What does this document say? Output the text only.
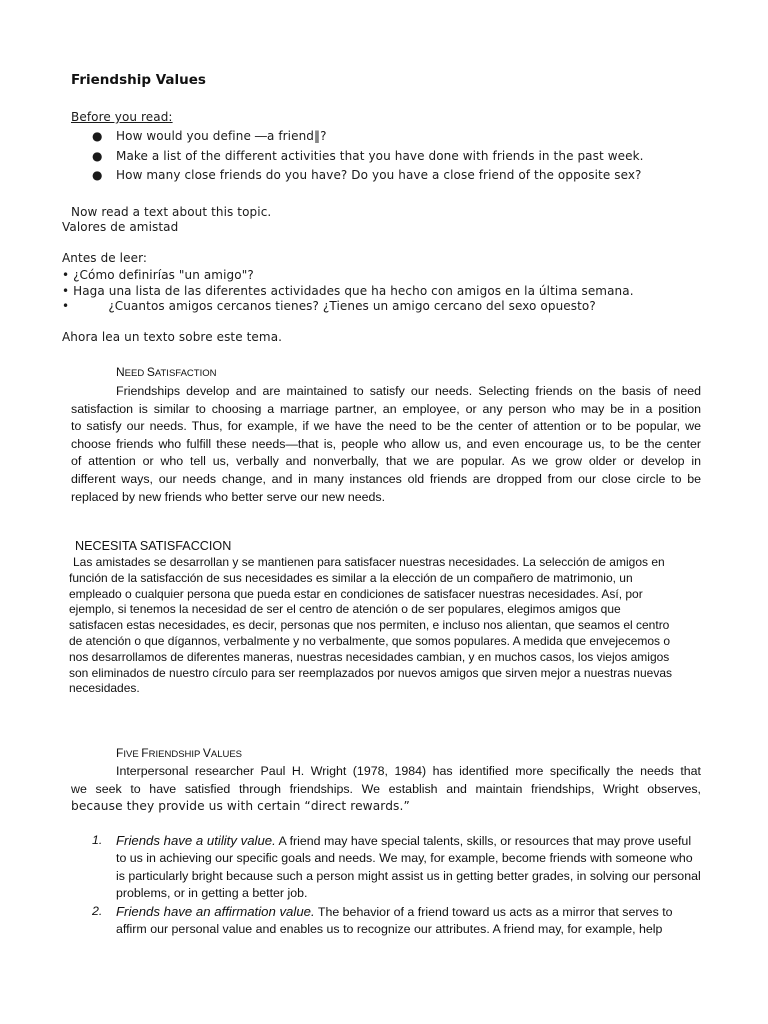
Friendship Values
Before you read:
● How would you define ―a friend‖?
● Make a list of the different activities that you have done with friends in the past week.
● How many close friends do you have? Do you have a close friend of the opposite sex?
Now read a text about this topic.
Valores de amistad
Antes de leer:
• ¿Cómo definirías "un amigo"?
• Haga una lista de las diferentes actividades que ha hecho con amigos en la última semana.
•          ¿Cuantos amigos cercanos tienes? ¿Tienes un amigo cercano del sexo opuesto?
Ahora lea un texto sobre este tema.
NEED SATISFACTION
Friendships develop and are maintained to satisfy our needs. Selecting friends on the basis of need
satisfaction is similar to choosing a marriage partner, an employee, or any person who may be in a position
to satisfy our needs. Thus, for example, if we have the need to be the center of attention or to be popular, we
choose friends who fulfill these needs—that is, people who allow us, and even encourage us, to be the center
of attention or who tell us, verbally and nonverbally, that we are popular. As we grow older or develop in
different ways, our needs change, and in many instances old friends are dropped from our close circle to be
replaced by new friends who better serve our new needs.
NECESITA SATISFACCION
Las amistades se desarrollan y se mantienen para satisfacer nuestras necesidades. La selección de amigos en
función de la satisfacción de sus necesidades es similar a la elección de un compañero de matrimonio, un
empleado o cualquier persona que pueda estar en condiciones de satisfacer nuestras necesidades. Así, por
ejemplo, si tenemos la necesidad de ser el centro de atención o de ser populares, elegimos amigos que
satisfacen estas necesidades, es decir, personas que nos permiten, e incluso nos alientan, que seamos el centro
de atención o que dígannos, verbalmente y no verbalmente, que somos populares. A medida que envejecemos o
nos desarrollamos de diferentes maneras, nuestras necesidades cambian, y en muchos casos, los viejos amigos
son eliminados de nuestro círculo para ser reemplazados por nuevos amigos que sirven mejor a nuestras nuevas
necesidades.
FIVE FRIENDSHIP VALUES
Interpersonal researcher Paul H. Wright (1978, 1984) has identified more specifically the needs that
we seek to have satisfied through friendships. We establish and maintain friendships, Wright observes,
because they provide us with certain “direct rewards.”
1. Friends have a utility value. A friend may have special talents, skills, or resources that may prove useful to us in achieving our specific goals and needs. We may, for example, become friends with someone who is particularly bright because such a person might assist us in getting better grades, in solving our personal problems, or in getting a better job.
2. Friends have an affirmation value. The behavior of a friend toward us acts as a mirror that serves to affirm our personal value and enables us to recognize our attributes. A friend may, for example, help
